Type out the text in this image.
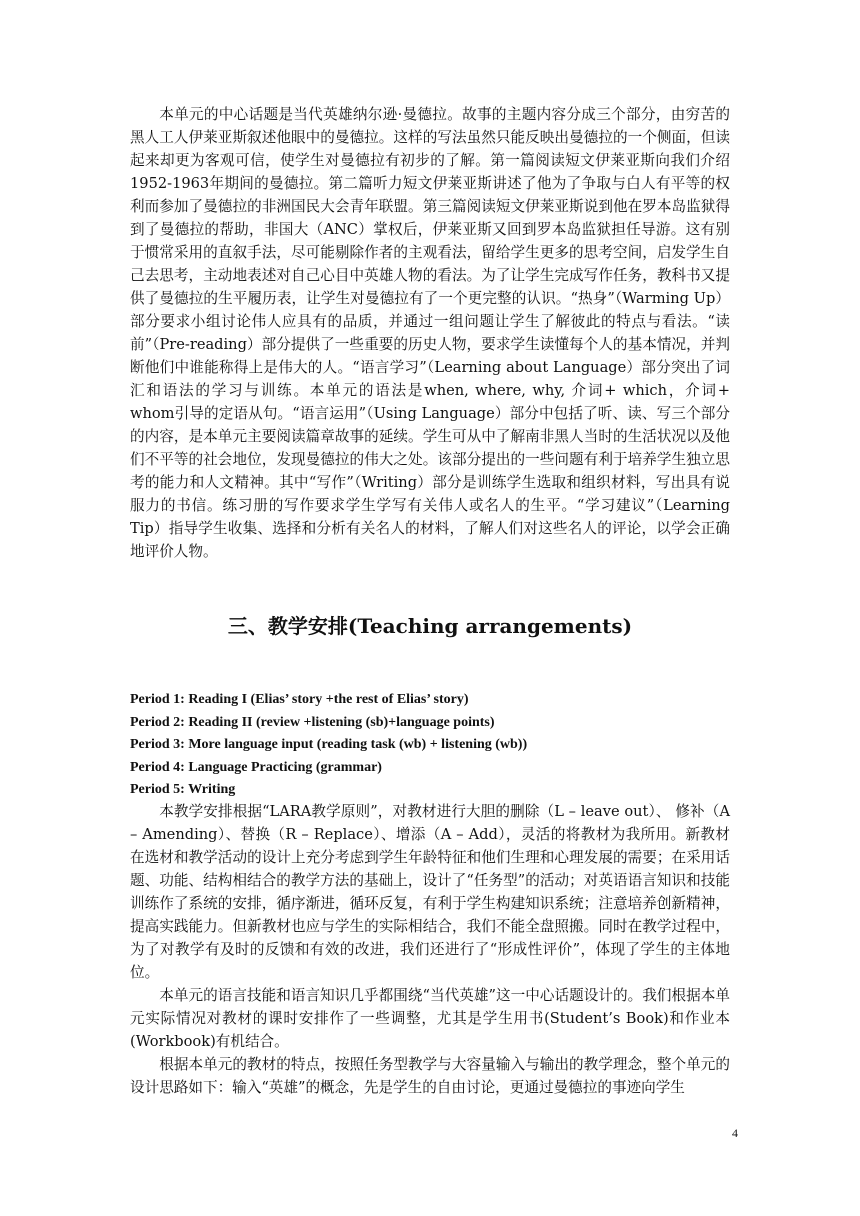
本单元的中心话题是当代英雄纳尔逊·曼德拉。故事的主题内容分成三个部分，由穷苦的黑人工人伊莱亚斯叙述他眼中的曼德拉。这样的写法虽然只能反映出曼德拉的一个侧面，但读起来却更为客观可信，使学生对曼德拉有初步的了解。第一篇阅读短文伊莱亚斯向我们介绍1952-1963年期间的曼德拉。第二篇听力短文伊莱亚斯讲述了他为了争取与白人有平等的权利而参加了曼德拉的非洲国民大会青年联盟。第三篇阅读短文伊莱亚斯说到他在罗本岛监狱得到了曼德拉的帮助，非国大（ANC）掌权后，伊莱亚斯又回到罗本岛监狱担任导游。这有别于惯常采用的直叙手法，尽可能剔除作者的主观看法，留给学生更多的思考空间，启发学生自己去思考，主动地表述对自己心目中英雄人物的看法。为了让学生完成写作任务，教科书又提供了曼德拉的生平履历表，让学生对曼德拉有了一个更完整的认识。“热身”（Warming Up）部分要求小组讨论伟人应具有的品质，并通过一组问题让学生了解彼此的特点与看法。“读前”（Pre-reading）部分提供了一些重要的历史人物，要求学生读懂每个人的基本情况，并判断他们中谁能称得上是伟大的人。“语言学习”（Learning about Language）部分突出了词汇和语法的学习与训练。本单元的语法是when, where, why, 介词+ which，介词+ whom引导的定语从句。“语言运用”（Using Language）部分中包括了听、读、写三个部分的内容，是本单元主要阅读篇章故事的延续。学生可从中了解南非黑人当时的生活状况以及他们不平等的社会地位，发现曼德拉的伟大之处。该部分提出的一些问题有利于培养学生独立思考的能力和人文精神。其中“写作”（Writing）部分是训练学生选取和组织材料，写出具有说服力的书信。练习册的写作要求学生学写有关伟人或名人的生平。“学习建议”（Learning Tip）指导学生收集、选择和分析有关名人的材料，了解人们对这些名人的评论，以学会正确地评价人物。

三、教学安排(Teaching arrangements)

Period 1: Reading I (Elias’ story +the rest of Elias’ story)

Period 2: Reading II (review +listening (sb)+language points)

Period 3: More language input (reading task (wb) + listening (wb))

Period 4: Language Practicing (grammar)

Period 5: Writing

本教学安排根据“LARA教学原则”，对教材进行大胆的删除（L – leave out）、 修补（A – Amending）、替换（R – Replace）、增添（A – Add），灵活的将教材为我所用。新教材在选材和教学活动的设计上充分考虑到学生年龄特征和他们生理和心理发展的需要；在采用话题、功能、结构相结合的教学方法的基础上，设计了“任务型”的活动；对英语语言知识和技能训练作了系统的安排，循序渐进，循环反复，有利于学生构建知识系统；注意培养创新精神，提高实践能力。但新教材也应与学生的实际相结合，我们不能全盘照搬。同时在教学过程中，为了对教学有及时的反馈和有效的改进，我们还进行了“形成性评价”，体现了学生的主体地位。

本单元的语言技能和语言知识几乎都围绕“当代英雄”这一中心话题设计的。我们根据本单元实际情况对教材的课时安排作了一些调整，尤其是学生用书(Student’s Book)和作业本(Workbook)有机结合。

根据本单元的教材的特点，按照任务型教学与大容量输入与输出的教学理念，整个单元的设计思路如下：输入“英雄”的概念，先是学生的自由讨论，更通过曼德拉的事迹向学生

4
